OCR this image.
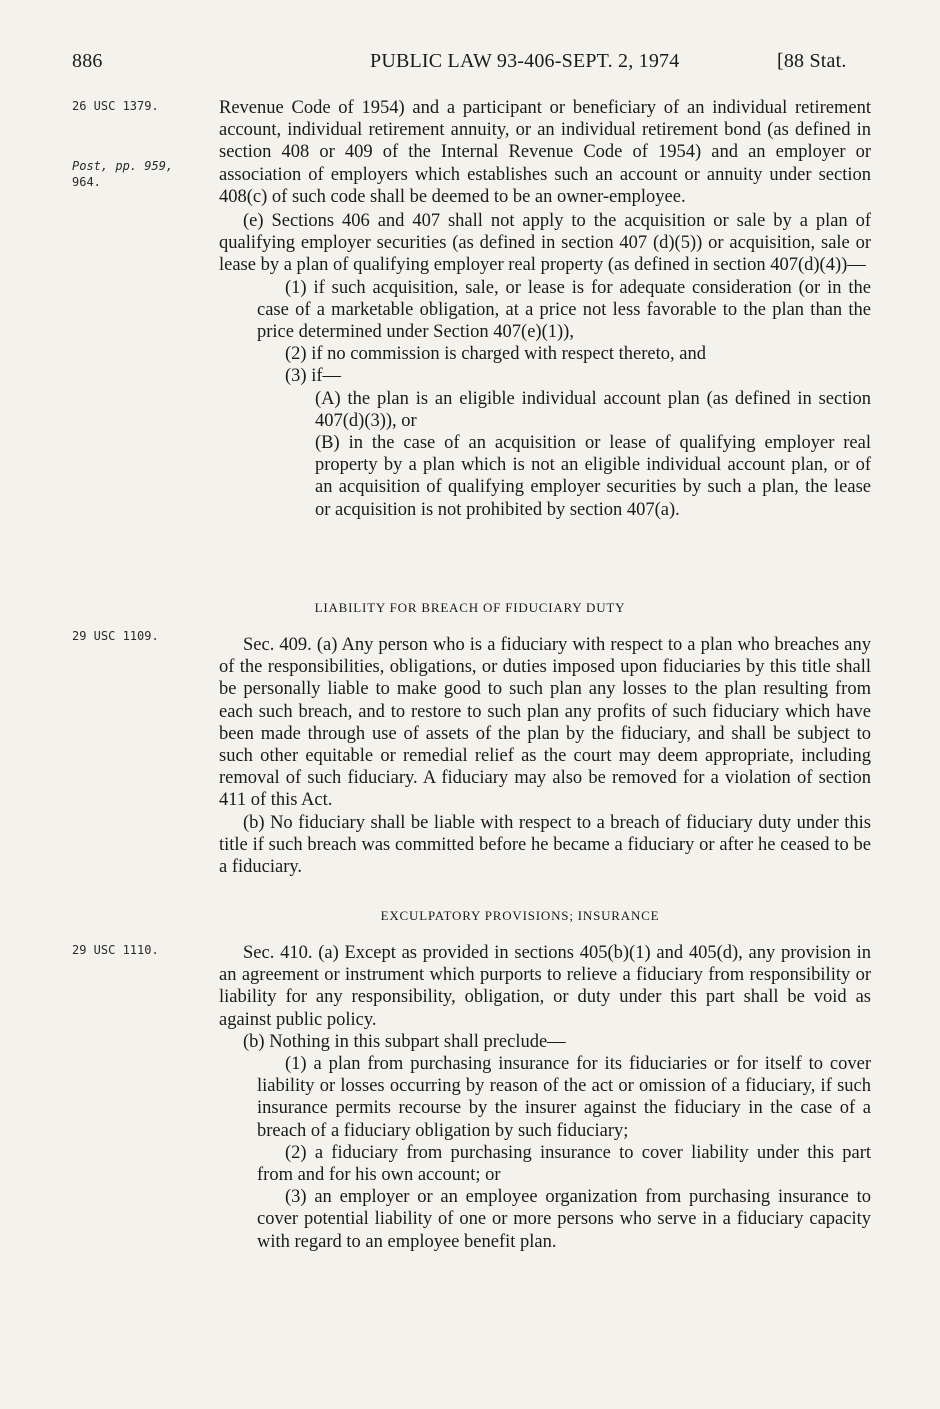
886	PUBLIC LAW 93-406-SEPT. 2, 1974	[88 Stat.
26 USC 1379.
Post, pp. 959,
964.
29 USC 1109.
29 USC 1110.

Revenue Code of 1954) and a participant or beneficiary of an individual retirement account, individual retirement annuity, or an individual retirement bond (as defined in section 408 or 409 of the Internal Revenue Code of 1954) and an employer or association of employers which establishes such an account or annuity under section 408(c) of such code shall be deemed to be an owner-employee.

(e) Sections 406 and 407 shall not apply to the acquisition or sale by a plan of qualifying employer securities (as defined in section 407 (d)(5)) or acquisition, sale or lease by a plan of qualifying employer real property (as defined in section 407(d)(4))—

(1) if such acquisition, sale, or lease is for adequate consideration (or in the case of a marketable obligation, at a price not less favorable to the plan than the price determined under Section 407(e)(1)),

(2) if no commission is charged with respect thereto, and

(3) if—

(A) the plan is an eligible individual account plan (as defined in section 407(d)(3)), or

(B) in the case of an acquisition or lease of qualifying employer real property by a plan which is not an eligible individual account plan, or of an acquisition of qualifying employer securities by such a plan, the lease or acquisition is not prohibited by section 407(a).

LIABILITY FOR BREACH OF FIDUCIARY DUTY

Sec. 409. (a) Any person who is a fiduciary with respect to a plan who breaches any of the responsibilities, obligations, or duties imposed upon fiduciaries by this title shall be personally liable to make good to such plan any losses to the plan resulting from each such breach, and to restore to such plan any profits of such fiduciary which have been made through use of assets of the plan by the fiduciary, and shall be subject to such other equitable or remedial relief as the court may deem appropriate, including removal of such fiduciary. A fiduciary may also be removed for a violation of section 411 of this Act.

(b) No fiduciary shall be liable with respect to a breach of fiduciary duty under this title if such breach was committed before he became a fiduciary or after he ceased to be a fiduciary.

EXCULPATORY PROVISIONS; INSURANCE

Sec. 410. (a) Except as provided in sections 405(b)(1) and 405(d), any provision in an agreement or instrument which purports to relieve a fiduciary from responsibility or liability for any responsibility, obligation, or duty under this part shall be void as against public policy.

(b) Nothing in this subpart shall preclude—

(1) a plan from purchasing insurance for its fiduciaries or for itself to cover liability or losses occurring by reason of the act or omission of a fiduciary, if such insurance permits recourse by the insurer against the fiduciary in the case of a breach of a fiduciary obligation by such fiduciary;

(2) a fiduciary from purchasing insurance to cover liability under this part from and for his own account; or

(3) an employer or an employee organization from purchasing insurance to cover potential liability of one or more persons who serve in a fiduciary capacity with regard to an employee benefit plan.
